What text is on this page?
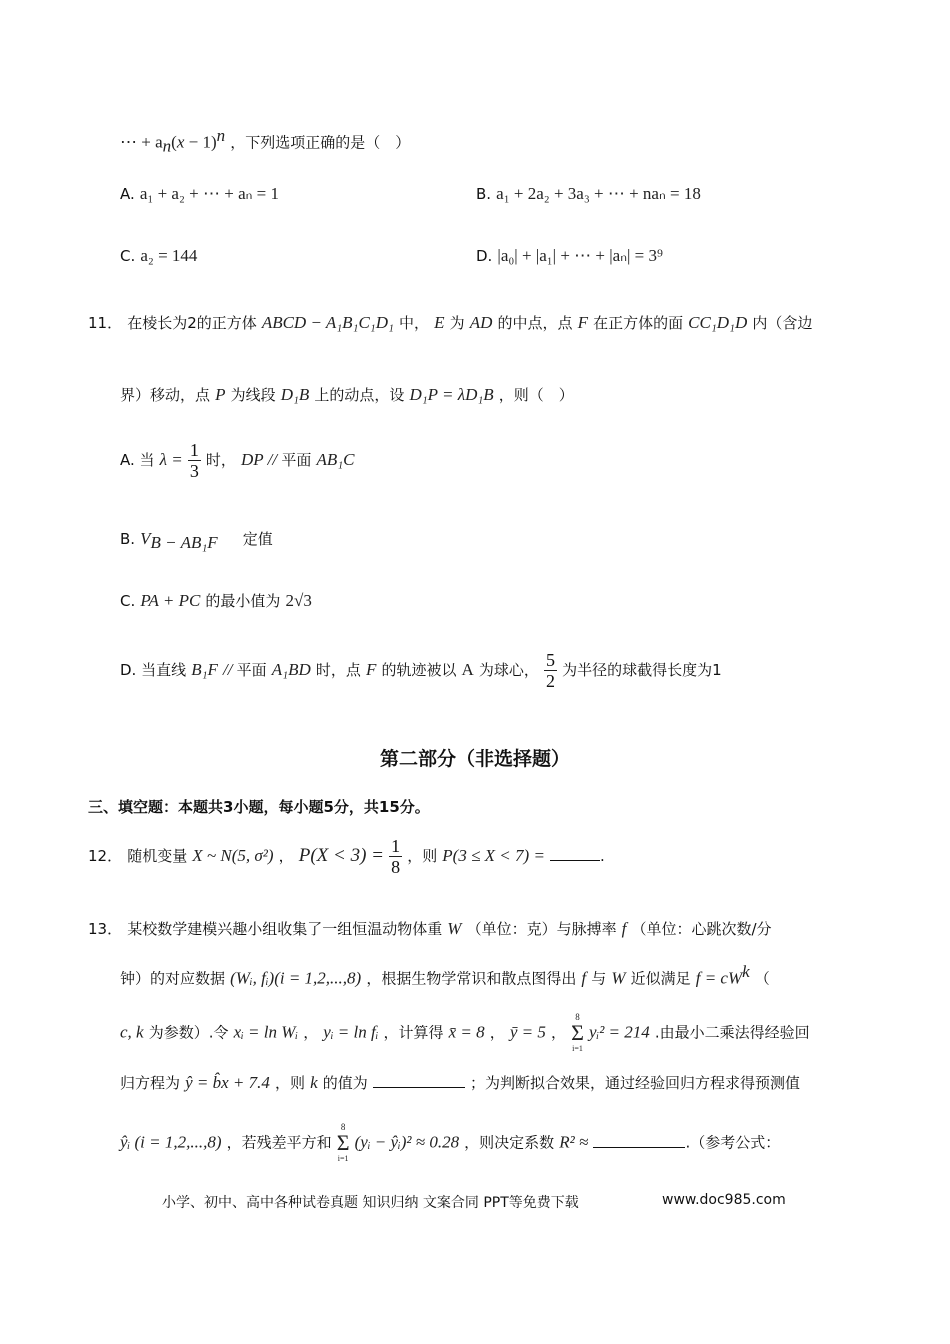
⋯ + $a_n(x - 1)^n$ ，下列选项正确的是（　）
A. a₁ + a₂ + ⋯ + aₙ = 1	B. a₁ + 2a₂ + 3a₃ + ⋯ + naₙ = 18
C. a₂ = 144	D. |a₀| + |a₁| + ⋯ + |aₙ| = 3⁹
11． 在棱长为2的正方体 ABCD − A₁B₁C₁D₁ 中， E 为 AD 的中点，点 F 在正方体的面 CC₁D₁D 内（含边
界）移动，点 P 为线段 D₁B 上的动点，设 D₁P = λD₁B ，则（　）
A. 当 $\lambda = \frac{1}{3}$ 时， DP // 平面 AB₁C
B. $V_{B - AB_1F}$ 定值
C. PA + PC 的最小值为 2√3
D. 当直线 B₁F // 平面 A₁BD 时，点 F 的轨迹被以 A 为球心， $\frac{5}{2}$ 为半径的球截得长度为1
第二部分（非选择题）
三、填空题：本题共3小题，每小题5分，共15分。
12． 随机变量 X ~ N(5, σ²) ， $P(X < 3) = \frac{1}{8}$ ，则 P(3 ≤ X < 7) =	.
13． 某校数学建模兴趣小组收集了一组恒温动物体重 W （单位：克）与脉搏率 f （单位：心跳次数/分
钟）的对应数据 (Wᵢ, fᵢ)(i = 1,2,...,8) ，根据生物学常识和散点图得出 f 与 W 近似满足 $f = cW^k$ （
c, k 为参数）.令 xᵢ = ln Wᵢ ， yᵢ = ln fᵢ ，计算得 x̄ = 8 ， ȳ = 5 ，
8
Σ
i=1
yᵢ² = 214 .由最小二乘法得经验回
归方程为 ŷ = b̂x + 7.4 ，则 k 的值为	；为判断拟合效果，通过经验回归方程求得预测值
ŷᵢ (i = 1,2,...,8) ，若残差平方和
8
Σ
i=1
(yᵢ − ŷᵢ)² ≈ 0.28 ，则决定系数 R² ≈	.（参考公式：
小学、初中、高中各种试卷真题 知识归纳 文案合同 PPT等免费下载	www.doc985.com
